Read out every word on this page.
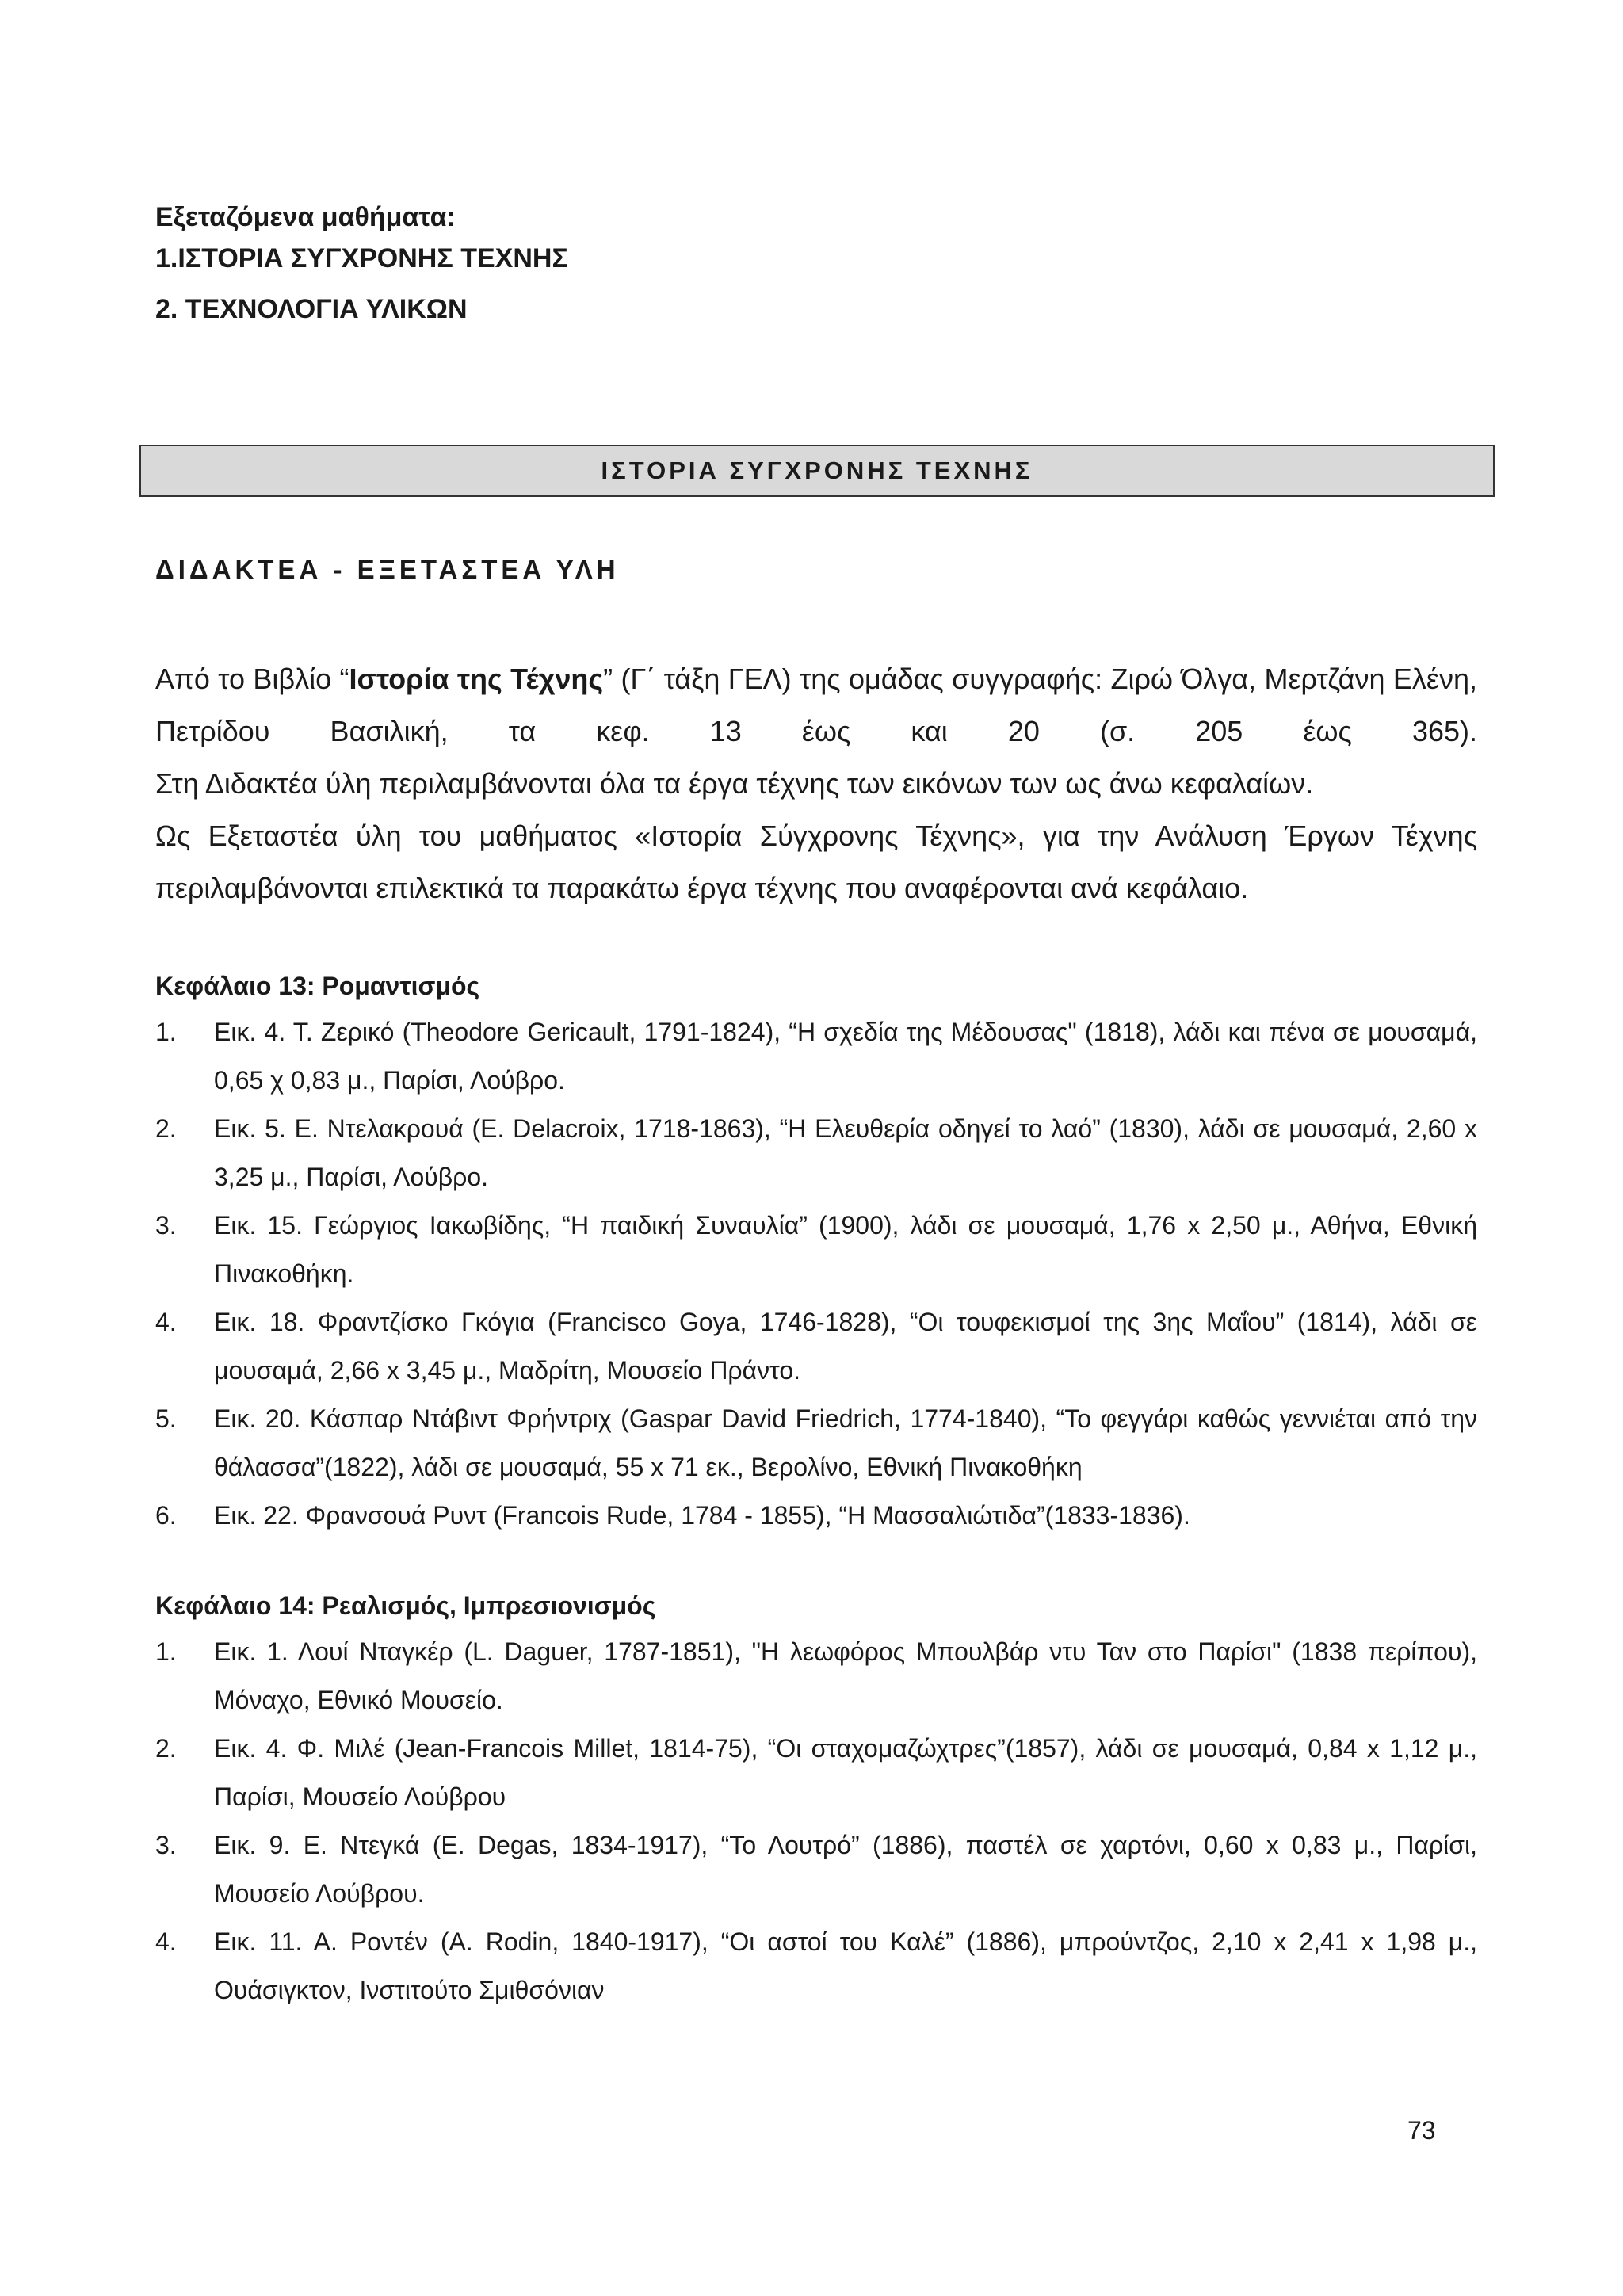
Εξεταζόμενα μαθήματα:
1.ΙΣΤΟΡΙΑ ΣΥΓΧΡΟΝΗΣ ΤΕΧΝΗΣ
2. ΤΕΧΝΟΛΟΓΙΑ ΥΛΙΚΩΝ
ΙΣΤΟΡΙΑ ΣΥΓΧΡΟΝΗΣ ΤΕΧΝΗΣ
ΔΙΔΑΚΤΕΑ - ΕΞΕΤΑΣΤΕΑ ΥΛΗ

Από το Βιβλίο “Ιστορία της Τέχνης” (Γ΄ τάξη ΓΕΛ) της ομάδας συγγραφής: Ζιρώ Όλγα, Μερτζάνη Ελένη, Πετρίδου Βασιλική, τα κεφ. 13 έως και 20 (σ. 205 έως 365).

Στη Διδακτέα ύλη περιλαμβάνονται όλα τα έργα τέχνης των εικόνων των ως άνω κεφαλαίων.

Ως Εξεταστέα ύλη του μαθήματος «Ιστορία Σύγχρονης Τέχνης», για την Ανάλυση Έργων Τέχνης περιλαμβάνονται επιλεκτικά τα παρακάτω έργα τέχνης που αναφέρονται ανά κεφάλαιο.

Κεφάλαιο 13: Ρομαντισμός
1.	Εικ. 4. Τ. Ζερικό (Theodore Gericault, 1791-1824), “Η σχεδία της Μέδουσας" (1818), λάδι και πένα σε μουσαμά, 0,65 χ 0,83 μ., Παρίσι, Λούβρο.
2.	Εικ. 5. Ε. Ντελακρουά (E. Delacroix, 1718-1863), “Η Ελευθερία οδηγεί το λαό” (1830), λάδι σε μουσαμά, 2,60 x 3,25 μ., Παρίσι, Λούβρο.
3.	Εικ. 15. Γεώργιος Ιακωβίδης, “Η παιδική Συναυλία” (1900), λάδι σε μουσαμά, 1,76 x 2,50 μ., Αθήνα, Εθνική Πινακοθήκη.
4.	Εικ. 18. Φραντζίσκο Γκόγια (Francisco Goya, 1746-1828), “Οι τουφεκισμοί της 3ης Μαΐου” (1814), λάδι σε μουσαμά, 2,66 x 3,45 μ., Μαδρίτη, Μουσείο Πράντο.
5.	Εικ. 20. Κάσπαρ Ντάβιντ Φρήντριχ (Gaspar David Friedrich, 1774-1840), “Το φεγγάρι καθώς γεννιέται από την θάλασσα”(1822), λάδι σε μουσαμά, 55 x 71 εκ., Βερολίνο, Εθνική Πινακοθήκη
6.	Εικ. 22. Φρανσουά Ρυντ (Francois Rude, 1784 - 1855), “Η Μασσαλιώτιδα”(1833-1836).
Κεφάλαιο 14: Ρεαλισμός, Ιμπρεσιονισμός
1.	Εικ. 1. Λουί Νταγκέρ (L. Daguer, 1787-1851), "Η λεωφόρος Μπουλβάρ ντυ Ταν στο Παρίσι" (1838 περίπου), Μόναχο, Εθνικό Μουσείο.
2.	Εικ. 4. Φ. Μιλέ (Jean-Francois Millet, 1814-75), “Οι σταχομαζώχτρες”(1857), λάδι σε μουσαμά, 0,84 x 1,12 μ., Παρίσι, Μουσείο Λούβρου
3.	Εικ. 9. Ε. Ντεγκά (E. Degas, 1834-1917), “Το Λουτρό” (1886), παστέλ σε χαρτόνι, 0,60 x 0,83 μ., Παρίσι, Μουσείο Λούβρου.
4.	Εικ. 11. Α. Ροντέν (A. Rodin, 1840-1917), “Οι αστοί του Καλέ” (1886), μπρούντζος, 2,10 x 2,41 x 1,98 μ., Ουάσιγκτον, Ινστιτούτο Σμιθσόνιαν
73
